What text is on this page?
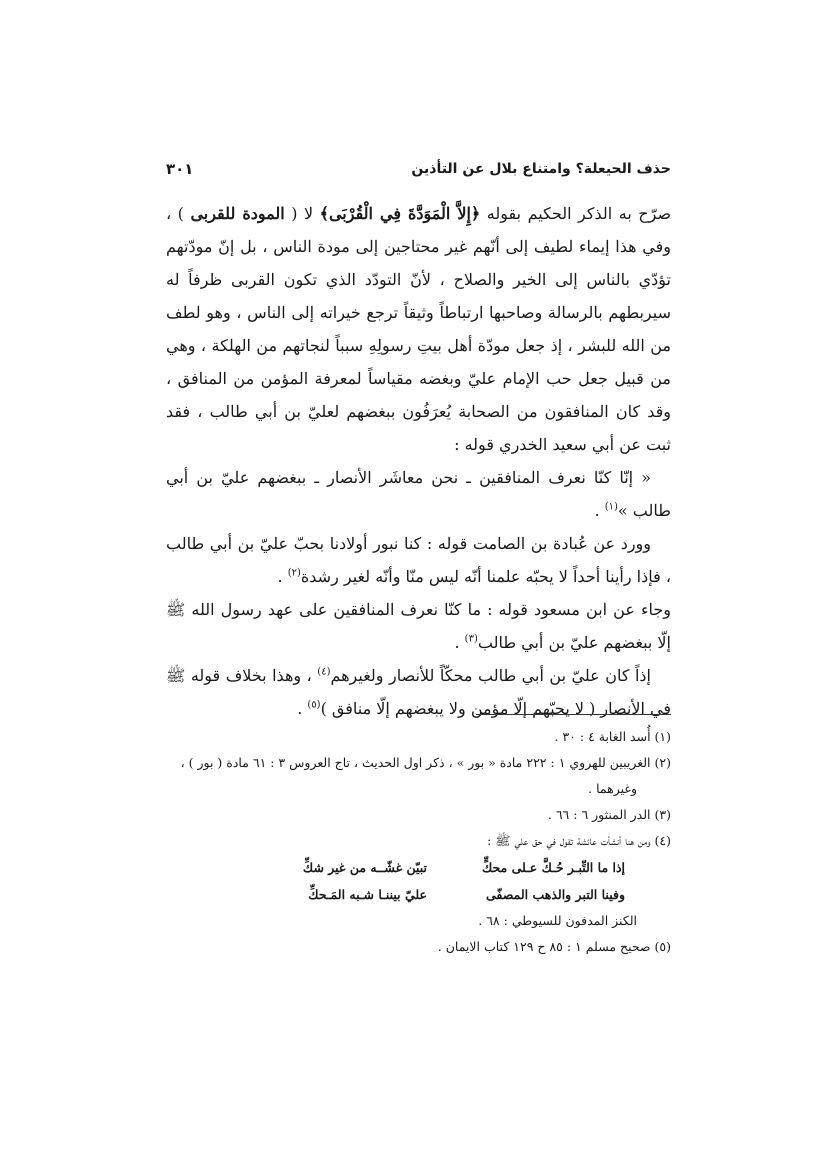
حذف الحيعلة؟ وامتناع بلال عن التأذين
٣٠١

صرّح به الذكر الحكيم بقوله ﴿إِلاَّ الْمَوَدَّةَ فِي الْقُرْبَى﴾ لا ( المودة للقربى ) ، وفي هذا إيماء لطيف إلى أنّهم غير محتاجين إلى مودة الناس ، بل إنّ مودّتهم تؤدّي بالناس إلى الخير والصلاح ، لأنّ التودّد الذي تكون القربى ظرفاً له سيربطهم بالرسالة وصاحبها ارتباطاً وثيقاً ترجع خيراته إلى الناس ، وهو لطف من الله للبشر ، إذ جعل مودّة أهل بيتِ رسولِهِ سبباً لنجاتهم من الهلكة ، وهي من قبيل جعل حب الإمام عليّ وبغضه مقياساً لمعرفة المؤمن من المنافق ، وقد كان المنافقون من الصحابة يُعرَفُون ببغضهم لعليّ بن أبي طالب ، فقد ثبت عن أبي سعيد الخدري قوله :

« إنّا كنّا نعرف المنافقين ـ نحن معاشَر الأنصار ـ ببغضهم عليّ بن أبي طالب »$^{(١)}$ .

وورد عن عُبادة بن الصامت قوله : كنا نبور أولادنا بحبّ عليّ بن أبي طالب ، فإذا رأينا أحداً لا يحبّه علمنا أنّه ليس منّا وأنّه لغير رشدة$^{(٢)}$ .

وجاء عن ابن مسعود قوله : ما كنّا نعرف المنافقين على عهد رسول الله ﷺ إلّا ببغضهم عليّ بن أبي طالب$^{(٣)}$ .

إذاً كان عليّ بن أبي طالب محكّاً للأنصار ولغيرهم$^{(٤)}$ ، وهذا بخلاف قوله ﷺ في الأنصار ( لا يحبّهم إلّا مؤمن ولا يبغضهم إلّا منافق )$^{(٥)}$ .

(١) أُسد الغابة ٤ : ٣٠ .

(٢) الغريبين للهروي ١ : ٢٢٢ مادة « بور » ، ذكر اول الحديث ، تاج العروس ٣ : ٦١ مادة ( بور ) ،

وغيرهما .

(٣) الدر المنثور ٦ : ٦٦ .

(٤) ومن هنا أنشأت عائشة تقول في حق علي ﷺ :

إذا ما التِّبـر حُـكَّ عـلى محكٍّ
تبيّن غشّــه من غير شكِّ
وفينا التبر والذهب المصفّى
عليّ بيننـا شـبه المَـحكِّ

الكنز المدفون للسيوطي : ٦٨ .

(٥) صحيح مسلم ١ : ٨٥ ح ١٢٩ كتاب الايمان .
